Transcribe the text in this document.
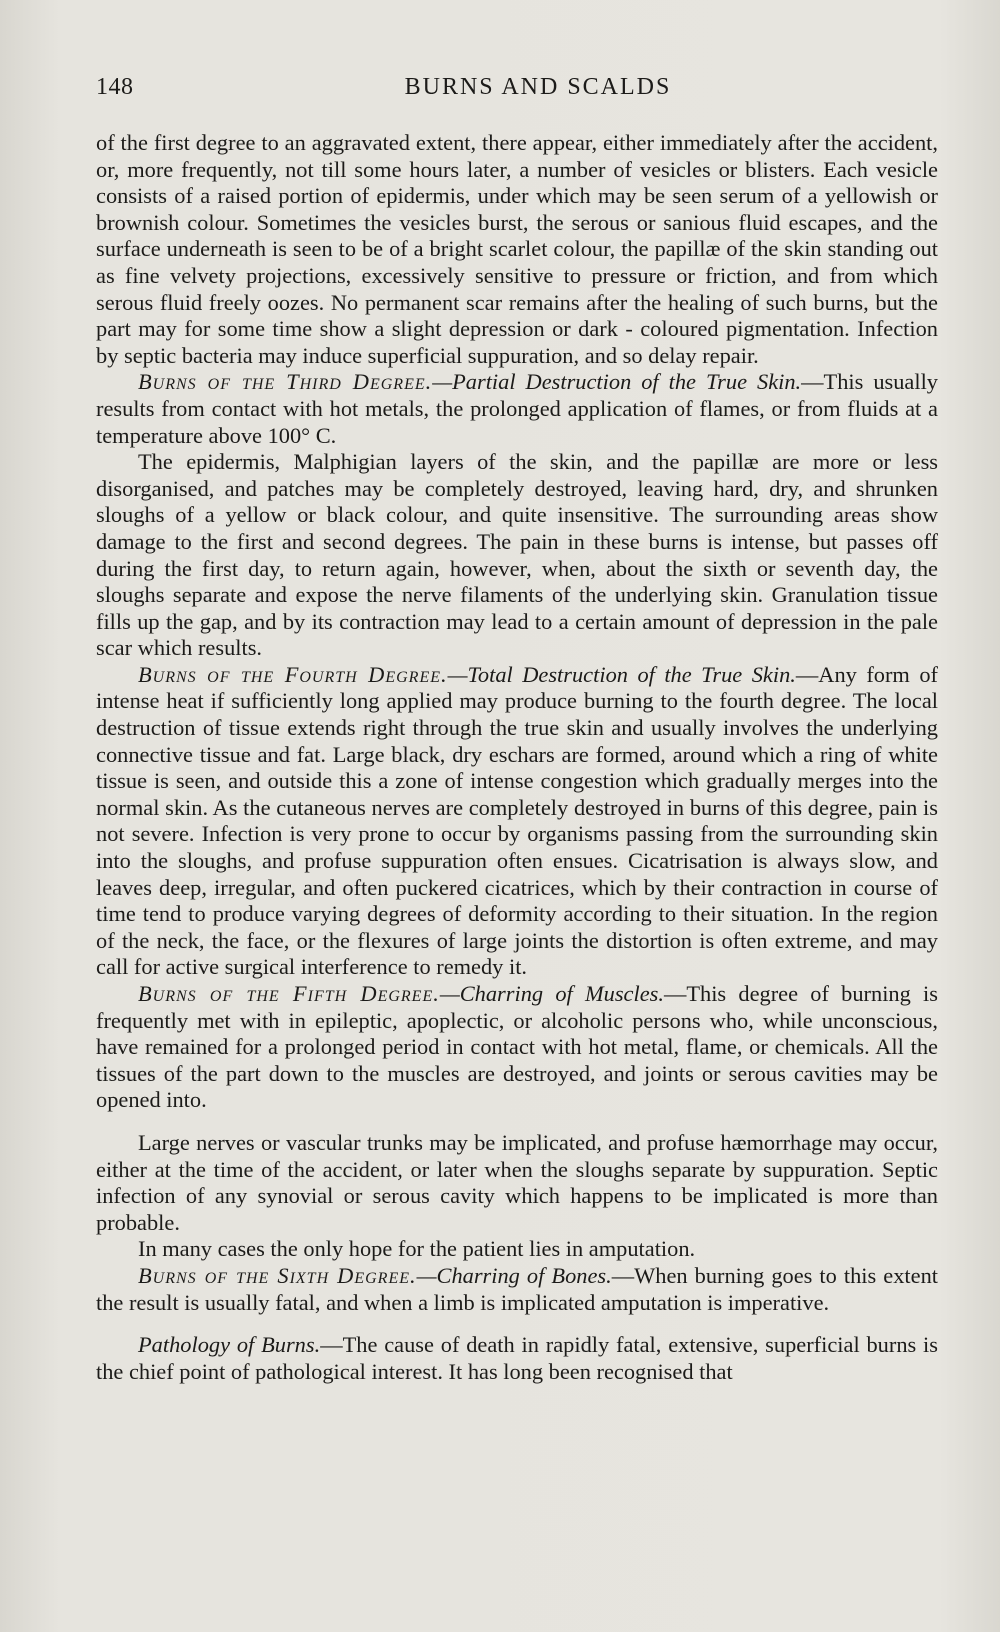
148	BURNS AND SCALDS

of the first degree to an aggravated extent, there appear, either immediately after the accident, or, more frequently, not till some hours later, a number of vesicles or blisters. Each vesicle consists of a raised portion of epidermis, under which may be seen serum of a yellowish or brownish colour. Sometimes the vesicles burst, the serous or sanious fluid escapes, and the surface underneath is seen to be of a bright scarlet colour, the papillæ of the skin standing out as fine velvety projections, excessively sensitive to pressure or friction, and from which serous fluid freely oozes. No permanent scar remains after the healing of such burns, but the part may for some time show a slight depression or dark - coloured pigmentation. Infection by septic bacteria may induce superficial suppuration, and so delay repair.

Burns of the Third Degree.—Partial Destruction of the True Skin.—This usually results from contact with hot metals, the prolonged application of flames, or from fluids at a temperature above 100° C.

The epidermis, Malphigian layers of the skin, and the papillæ are more or less disorganised, and patches may be completely destroyed, leaving hard, dry, and shrunken sloughs of a yellow or black colour, and quite insensitive. The surrounding areas show damage to the first and second degrees. The pain in these burns is intense, but passes off during the first day, to return again, however, when, about the sixth or seventh day, the sloughs separate and expose the nerve filaments of the underlying skin. Granulation tissue fills up the gap, and by its contraction may lead to a certain amount of depression in the pale scar which results.

Burns of the Fourth Degree.—Total Destruction of the True Skin.—Any form of intense heat if sufficiently long applied may produce burning to the fourth degree. The local destruction of tissue extends right through the true skin and usually involves the underlying connective tissue and fat. Large black, dry eschars are formed, around which a ring of white tissue is seen, and outside this a zone of intense congestion which gradually merges into the normal skin. As the cutaneous nerves are completely destroyed in burns of this degree, pain is not severe. Infection is very prone to occur by organisms passing from the surrounding skin into the sloughs, and profuse suppuration often ensues. Cicatrisation is always slow, and leaves deep, irregular, and often puckered cicatrices, which by their contraction in course of time tend to produce varying degrees of deformity according to their situation. In the region of the neck, the face, or the flexures of large joints the distortion is often extreme, and may call for active surgical interference to remedy it.

Burns of the Fifth Degree.—Charring of Muscles.—This degree of burning is frequently met with in epileptic, apoplectic, or alcoholic persons who, while unconscious, have remained for a prolonged period in contact with hot metal, flame, or chemicals. All the tissues of the part down to the muscles are destroyed, and joints or serous cavities may be opened into.

Large nerves or vascular trunks may be implicated, and profuse hæmorrhage may occur, either at the time of the accident, or later when the sloughs separate by suppuration. Septic infection of any synovial or serous cavity which happens to be implicated is more than probable.

In many cases the only hope for the patient lies in amputation.

Burns of the Sixth Degree.—Charring of Bones.—When burning goes to this extent the result is usually fatal, and when a limb is implicated amputation is imperative.

Pathology of Burns.—The cause of death in rapidly fatal, extensive, superficial burns is the chief point of pathological interest. It has long been recognised that
